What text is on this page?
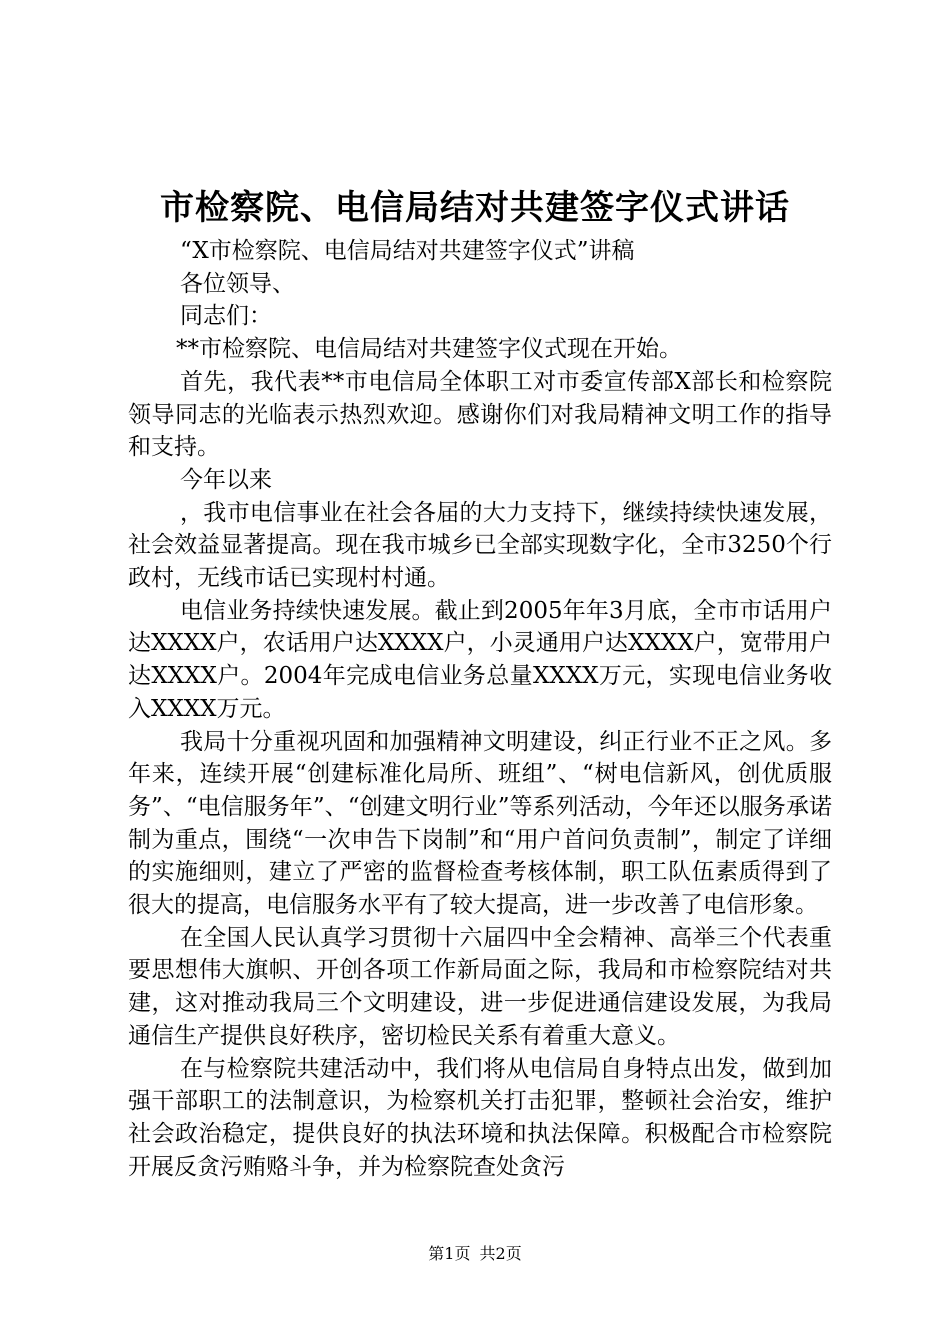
市检察院、电信局结对共建签字仪式讲话

“X市检察院、电信局结对共建签字仪式”讲稿

各位领导、

同志们：

**市检察院、电信局结对共建签字仪式现在开始。

首先，我代表**市电信局全体职工对市委宣传部X部长和检察院领导同志的光临表示热烈欢迎。感谢你们对我局精神文明工作的指导和支持。

今年以来

，我市电信事业在社会各届的大力支持下，继续持续快速发展，社会效益显著提高。现在我市城乡已全部实现数字化，全市3250个行政村，无线市话已实现村村通。

电信业务持续快速发展。截止到2005年年3月底，全市市话用户达XXXX户，农话用户达XXXX户，小灵通用户达XXXX户，宽带用户达XXXX户。2004年完成电信业务总量XXXX万元，实现电信业务收入XXXX万元。

我局十分重视巩固和加强精神文明建设，纠正行业不正之风。多年来，连续开展“创建标准化局所、班组”、“树电信新风，创优质服务”、“电信服务年”、“创建文明行业”等系列活动，今年还以服务承诺制为重点，围绕“一次申告下岗制”和“用户首问负责制”，制定了详细的实施细则，建立了严密的监督检查考核体制，职工队伍素质得到了很大的提高，电信服务水平有了较大提高，进一步改善了电信形象。

在全国人民认真学习贯彻十六届四中全会精神、高举三个代表重要思想伟大旗帜、开创各项工作新局面之际，我局和市检察院结对共建，这对推动我局三个文明建设，进一步促进通信建设发展，为我局通信生产提供良好秩序，密切检民关系有着重大意义。

在与检察院共建活动中，我们将从电信局自身特点出发，做到加强干部职工的法制意识，为检察机关打击犯罪，整顿社会治安，维护社会政治稳定，提供良好的执法环境和执法保障。积极配合市检察院开展反贪污贿赂斗争，并为检察院查处贪污

第1页 共2页
